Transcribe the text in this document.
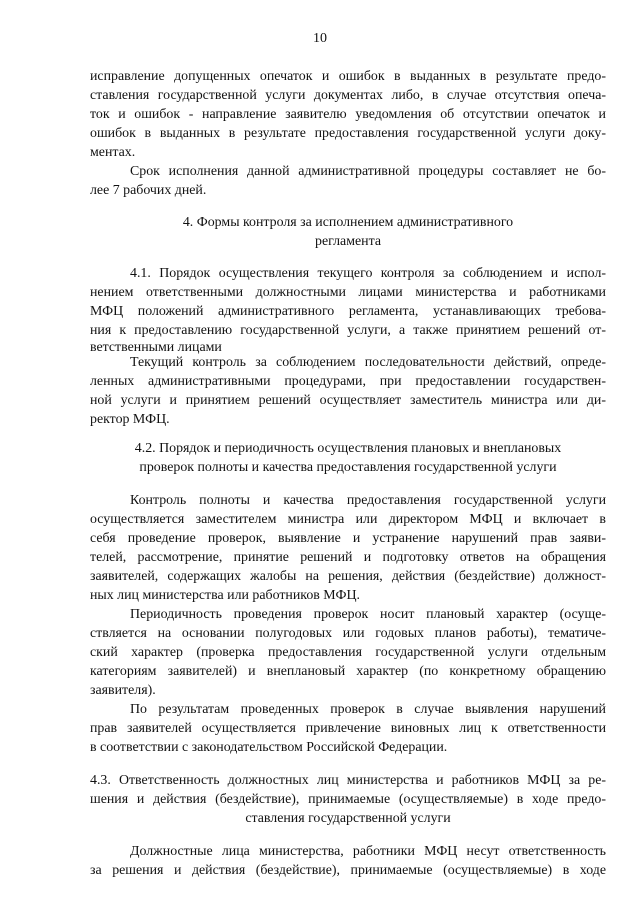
10
исправление допущенных опечаток и ошибок в выданных в результате предо-
ставления государственной услуги документах либо, в случае отсутствия опеча-
ток и ошибок - направление заявителю уведомления об отсутствии опечаток и
ошибок в выданных в результате предоставления государственной услуги доку-
ментах.
Срок исполнения данной административной процедуры составляет не бо-
лее 7 рабочих дней.
4. Формы контроля за исполнением административного
регламента
4.1. Порядок осуществления текущего контроля за соблюдением и испол-
нением ответственными должностными лицами министерства и работниками
МФЦ положений административного регламента, устанавливающих требова-
ния к предоставлению государственной услуги, а также принятием решений от-
ветственными лицами
Текущий контроль за соблюдением последовательности действий, опреде-
ленных административными процедурами, при предоставлении государствен-
ной услуги и принятием решений осуществляет заместитель министра или ди-
ректор МФЦ.
4.2. Порядок и периодичность осуществления плановых и внеплановых
проверок полноты и качества предоставления государственной услуги
Контроль полноты и качества предоставления государственной услуги
осуществляется заместителем министра или директором МФЦ и включает в
себя проведение проверок, выявление и устранение нарушений прав заяви-
телей, рассмотрение, принятие решений и подготовку ответов на обращения
заявителей, содержащих жалобы на решения, действия (бездействие) должност-
ных лиц министерства или работников МФЦ.
Периодичность проведения проверок носит плановый характер (осуще-
ствляется на основании полугодовых или годовых планов работы), тематиче-
ский характер (проверка предоставления государственной услуги отдельным
категориям заявителей) и внеплановый характер (по конкретному обращению
заявителя).
По результатам проведенных проверок в случае выявления нарушений
прав заявителей осуществляется привлечение виновных лиц к ответственности
в соответствии с законодательством Российской Федерации.
4.3. Ответственность должностных лиц министерства и работников МФЦ за ре-
шения и действия (бездействие), принимаемые (осуществляемые) в ходе предо-
ставления государственной услуги
Должностные лица министерства, работники МФЦ несут ответственность
за решения и действия (бездействие), принимаемые (осуществляемые) в ходе
